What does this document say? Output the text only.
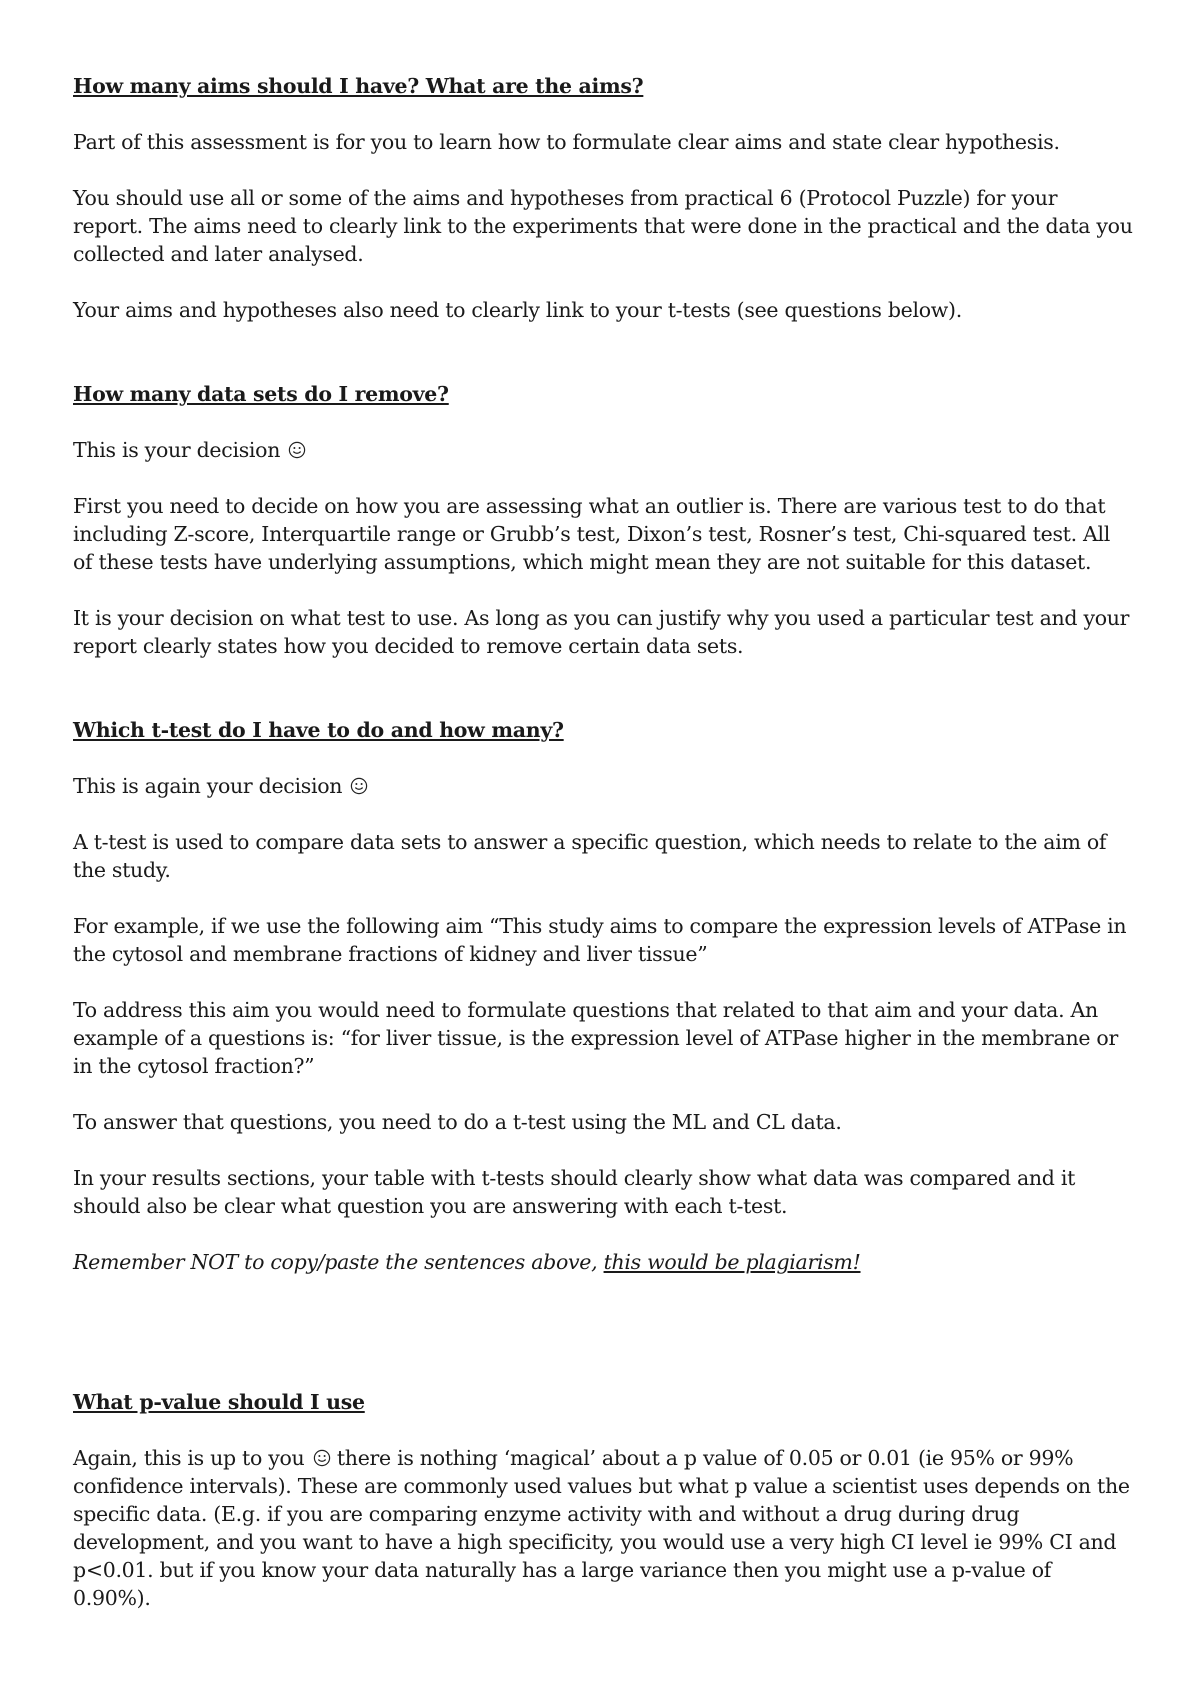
How many aims should I have? What are the aims?

Part of this assessment is for you to learn how to formulate clear aims and state clear hypothesis.

You should use all or some of the aims and hypotheses from practical 6 (Protocol Puzzle) for your report. The aims need to clearly link to the experiments that were done in the practical and the data you collected and later analysed.

Your aims and hypotheses also need to clearly link to your t-tests (see questions below).

How many data sets do I remove?

This is your decision

First you need to decide on how you are assessing what an outlier is. There are various test to do that including Z-score, Interquartile range or Grubb’s test, Dixon’s test, Rosner’s test, Chi-squared test. All of these tests have underlying assumptions, which might mean they are not suitable for this dataset.

It is your decision on what test to use. As long as you can justify why you used a particular test and your report clearly states how you decided to remove certain data sets.

Which t-test do I have to do and how many?

This is again your decision

A t-test is used to compare data sets to answer a specific question, which needs to relate to the aim of the study.

For example, if we use the following aim “This study aims to compare the expression levels of ATPase in the cytosol and membrane fractions of kidney and liver tissue”

To address this aim you would need to formulate questions that related to that aim and your data. An example of a questions is: “for liver tissue, is the expression level of ATPase higher in the membrane or in the cytosol fraction?”

To answer that questions, you need to do a t-test using the ML and CL data.

In your results sections, your table with t-tests should clearly show what data was compared and it should also be clear what question you are answering with each t-test.

Remember NOT to copy/paste the sentences above, this would be plagiarism!

What p-value should I use

Again, this is up to you
there is nothing ‘magical’ about a p value of 0.05 or 0.01 (ie 95% or 99% confidence intervals). These are commonly used values but what p value a scientist uses depends on the specific data. (E.g. if you are comparing enzyme activity with and without a drug during drug development, and you want to have a high specificity, you would use a very high CI level ie 99% CI and p<0.01. but if you know your data naturally has a large variance then you might use a p-value of 0.90%).
